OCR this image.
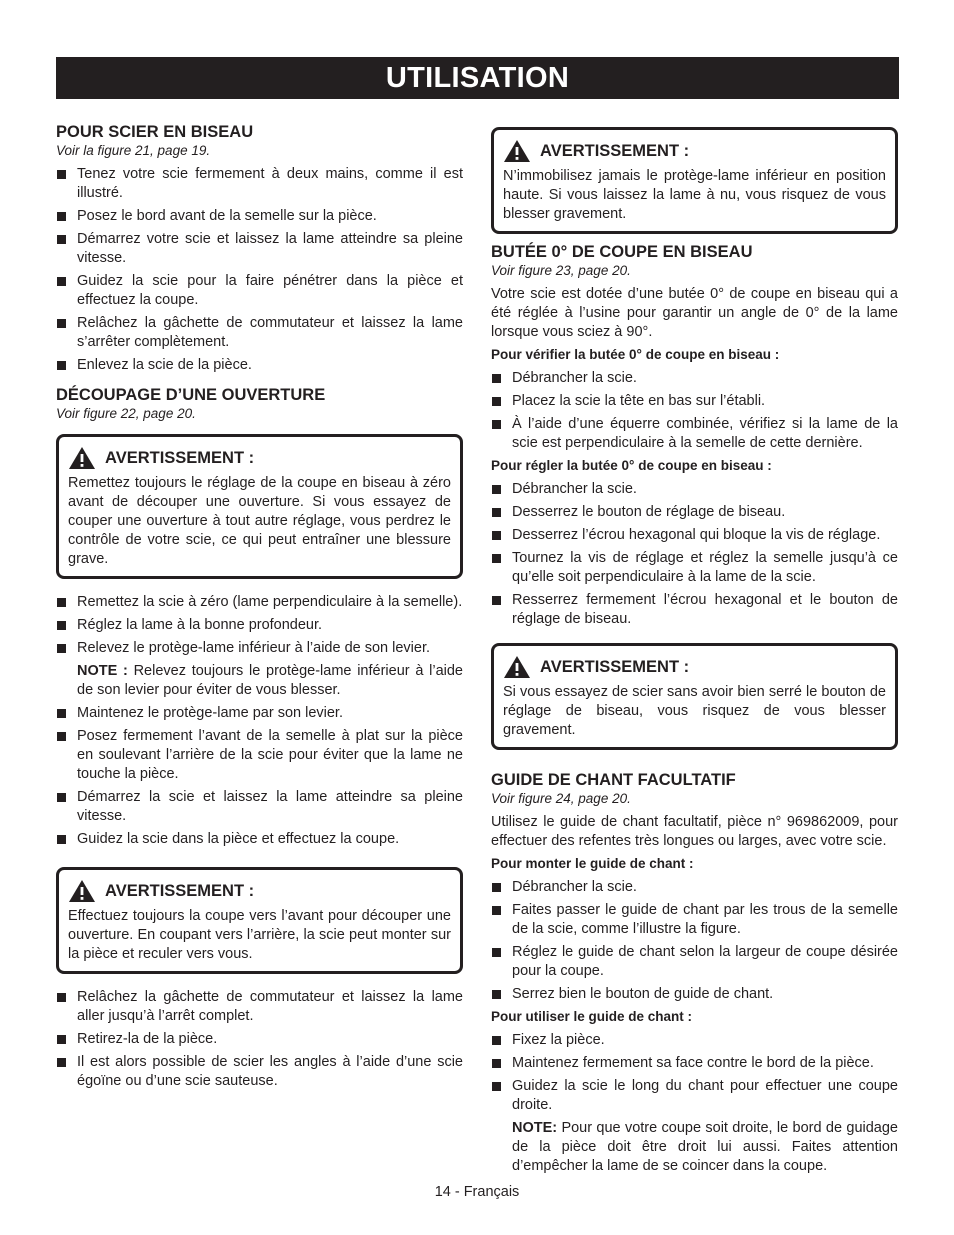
UTILISATION
POUR SCIER EN BISEAU
Voir la figure 21, page 19.
Tenez votre scie fermement à deux mains, comme il est illustré.
Posez le bord avant de la semelle sur la pièce.
Démarrez votre scie et laissez la lame atteindre sa pleine vitesse.
Guidez la scie pour la faire pénétrer dans la pièce et effectuez la coupe.
Relâchez la gâchette de commutateur et laissez la lame s’arrêter complètement.
Enlevez la scie de la pièce.
DÉCOUPAGE D’UNE OUVERTURE
Voir figure 22, page 20.
AVERTISSEMENT :

Remettez toujours le réglage de la coupe en biseau à zéro avant de découper une ouverture. Si vous essayez de couper une ouverture à tout autre réglage, vous perdrez le contrôle de votre scie, ce qui peut entraîner une blessure grave.

Remettez la scie à zéro (lame perpendiculaire à la semelle).
Réglez la lame à la bonne profondeur.
Relevez le protège-lame inférieur à l’aide de son levier.
NOTE : Relevez toujours le protège-lame inférieur à l’aide de son levier pour éviter de vous blesser.
Maintenez le protège-lame par son levier.
Posez fermement l’avant de la semelle à plat sur la pièce en soulevant l’arrière de la scie pour éviter que la lame ne touche la pièce.
Démarrez la scie et laissez la lame atteindre sa pleine vitesse.
Guidez la scie dans la pièce et effectuez la coupe.
AVERTISSEMENT :

Effectuez toujours la coupe vers l’avant pour découper une ouverture. En coupant vers l’arrière, la scie peut monter sur la pièce et reculer vers vous.

Relâchez la gâchette de commutateur et laissez la lame aller jusqu’à l’arrêt complet.
Retirez-la de la pièce.
Il est alors possible de scier les angles à l’aide d’une scie égoïne ou d’une scie sauteuse.
AVERTISSEMENT :

N’immobilisez jamais le protège-lame inférieur en position haute. Si vous laissez la lame à nu, vous risquez de vous blesser gravement.

BUTÉE 0° DE COUPE EN BISEAU
Voir figure 23, page 20.

Votre scie est dotée d’une butée 0° de coupe en biseau qui a été réglée à l’usine pour garantir un angle de 0° de la lame lorsque vous sciez à 90°.

Pour vérifier la butée 0° de coupe en biseau :
Débrancher la scie.
Placez la scie la tête en bas sur l’établi.
À l’aide d’une équerre combinée, vérifiez si la lame de la scie est perpendiculaire à la semelle de cette dernière.
Pour régler la butée 0° de coupe en biseau :
Débrancher la scie.
Desserrez le bouton de réglage de biseau.
Desserrez l’écrou hexagonal qui bloque la vis de réglage.
Tournez la vis de réglage et réglez la semelle jusqu’à ce qu’elle soit perpendiculaire à la lame de la scie.
Resserrez fermement l’écrou hexagonal et le bouton de réglage de biseau.
AVERTISSEMENT :

Si vous essayez de scier sans avoir bien serré le bouton de réglage de biseau, vous risquez de vous blesser gravement.

GUIDE DE CHANT FACULTATIF
Voir figure 24, page 20.

Utilisez le guide de chant facultatif, pièce n° 969862009, pour effectuer des refentes très longues ou larges, avec votre scie.

Pour monter le guide de chant :
Débrancher la scie.
Faites passer le guide de chant par les trous de la semelle de la scie, comme l’illustre la figure.
Réglez le guide de chant selon la largeur de coupe désirée pour la coupe.
Serrez bien le bouton de guide de chant.
Pour utiliser le guide de chant :
Fixez la pièce.
Maintenez fermement sa face contre le bord de la pièce.
Guidez la scie le long du chant pour effectuer une coupe droite.
NOTE: Pour que votre coupe soit droite, le bord de guidage de la pièce doit être droit lui aussi. Faites attention d’empêcher la lame de se coincer dans la coupe.
14 - Français
